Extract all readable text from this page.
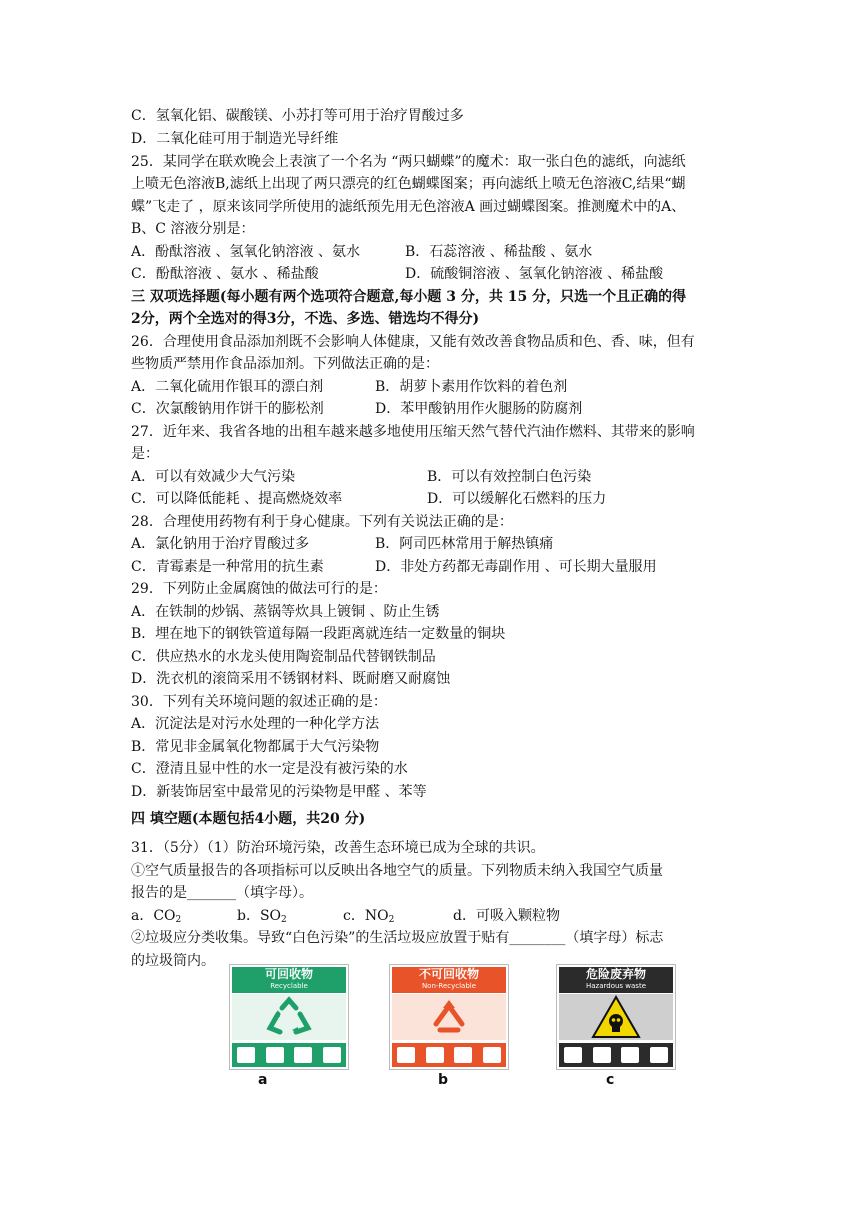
C．氢氧化铝、碳酸镁、小苏打等可用于治疗胃酸过多
D．二氧化硅可用于制造光导纤维
25．某同学在联欢晚会上表演了一个名为 “两只蝴蝶”的魔术：取一张白色的滤纸，向滤纸
上喷无色溶液B,滤纸上出现了两只漂亮的红色蝴蝶图案；再向滤纸上喷无色溶液C,结果“蝴
蝶”飞走了 ，原来该同学所使用的滤纸预先用无色溶液A 画过蝴蝶图案。推测魔术中的A、
B、C 溶液分别是：
A．酚酞溶液 、氢氧化钠溶液 、氨水	B．石蕊溶液 、稀盐酸 、氨水
C．酚酞溶液 、氨水 、稀盐酸	D．硫酸铜溶液 、氢氧化钠溶液 、稀盐酸
三 双项选择题(每小题有两个选项符合题意,每小题 3 分，共 15 分，只选一个且正确的得
2分，两个全选对的得3分，不选、多选、错选均不得分)
26．合理使用食品添加剂既不会影响人体健康，又能有效改善食物品质和色、香、味，但有
些物质严禁用作食品添加剂。下列做法正确的是：
A．二氧化硫用作银耳的漂白剂	B．胡萝卜素用作饮料的着色剂
C．次氯酸钠用作饼干的膨松剂	D．苯甲酸钠用作火腿肠的防腐剂
27．近年来、我省各地的出租车越来越多地使用压缩天然气替代汽油作燃料、其带来的影响
是：
A．可以有效减少大气污染	B．可以有效控制白色污染
C．可以降低能耗 、提高燃烧效率	D．可以缓解化石燃料的压力
28．合理使用药物有利于身心健康。下列有关说法正确的是：
A．氯化钠用于治疗胃酸过多	B．阿司匹林常用于解热镇痛
C．青霉素是一种常用的抗生素	D．非处方药都无毒副作用 、可长期大量服用
29．下列防止金属腐蚀的做法可行的是：
A．在铁制的炒锅、蒸锅等炊具上镀铜 、防止生锈
B．埋在地下的钢铁管道每隔一段距离就连结一定数量的铜块
C．供应热水的水龙头使用陶瓷制品代替钢铁制品
D．洗衣机的滚筒采用不锈钢材料、既耐磨又耐腐蚀
30．下列有关环境问题的叙述正确的是：
A．沉淀法是对污水处理的一种化学方法
B．常见非金属氧化物都属于大气污染物
C．澄清且显中性的水一定是没有被污染的水
D．新装饰居室中最常见的污染物是甲醛 、苯等
四 填空题(本题包括4小题，共20 分)
31．（5分）（1）防治环境污染，改善生态环境已成为全球的共识。
①空气质量报告的各项指标可以反映出各地空气的质量。下列物质未纳入我国空气质量
报告的是_______（填字母）。
a．$CO_2$	b．$SO_2$	c．$NO_2$	d．可吸入颗粒物
②垃圾应分类收集。导致“白色污染”的生活垃圾应放置于贴有________（填字母）标志
的垃圾筒内。
可回收物
Recyclable
不可回收物
Non-Recyclable
危险废弃物
Hazardous waste
a	b	c
